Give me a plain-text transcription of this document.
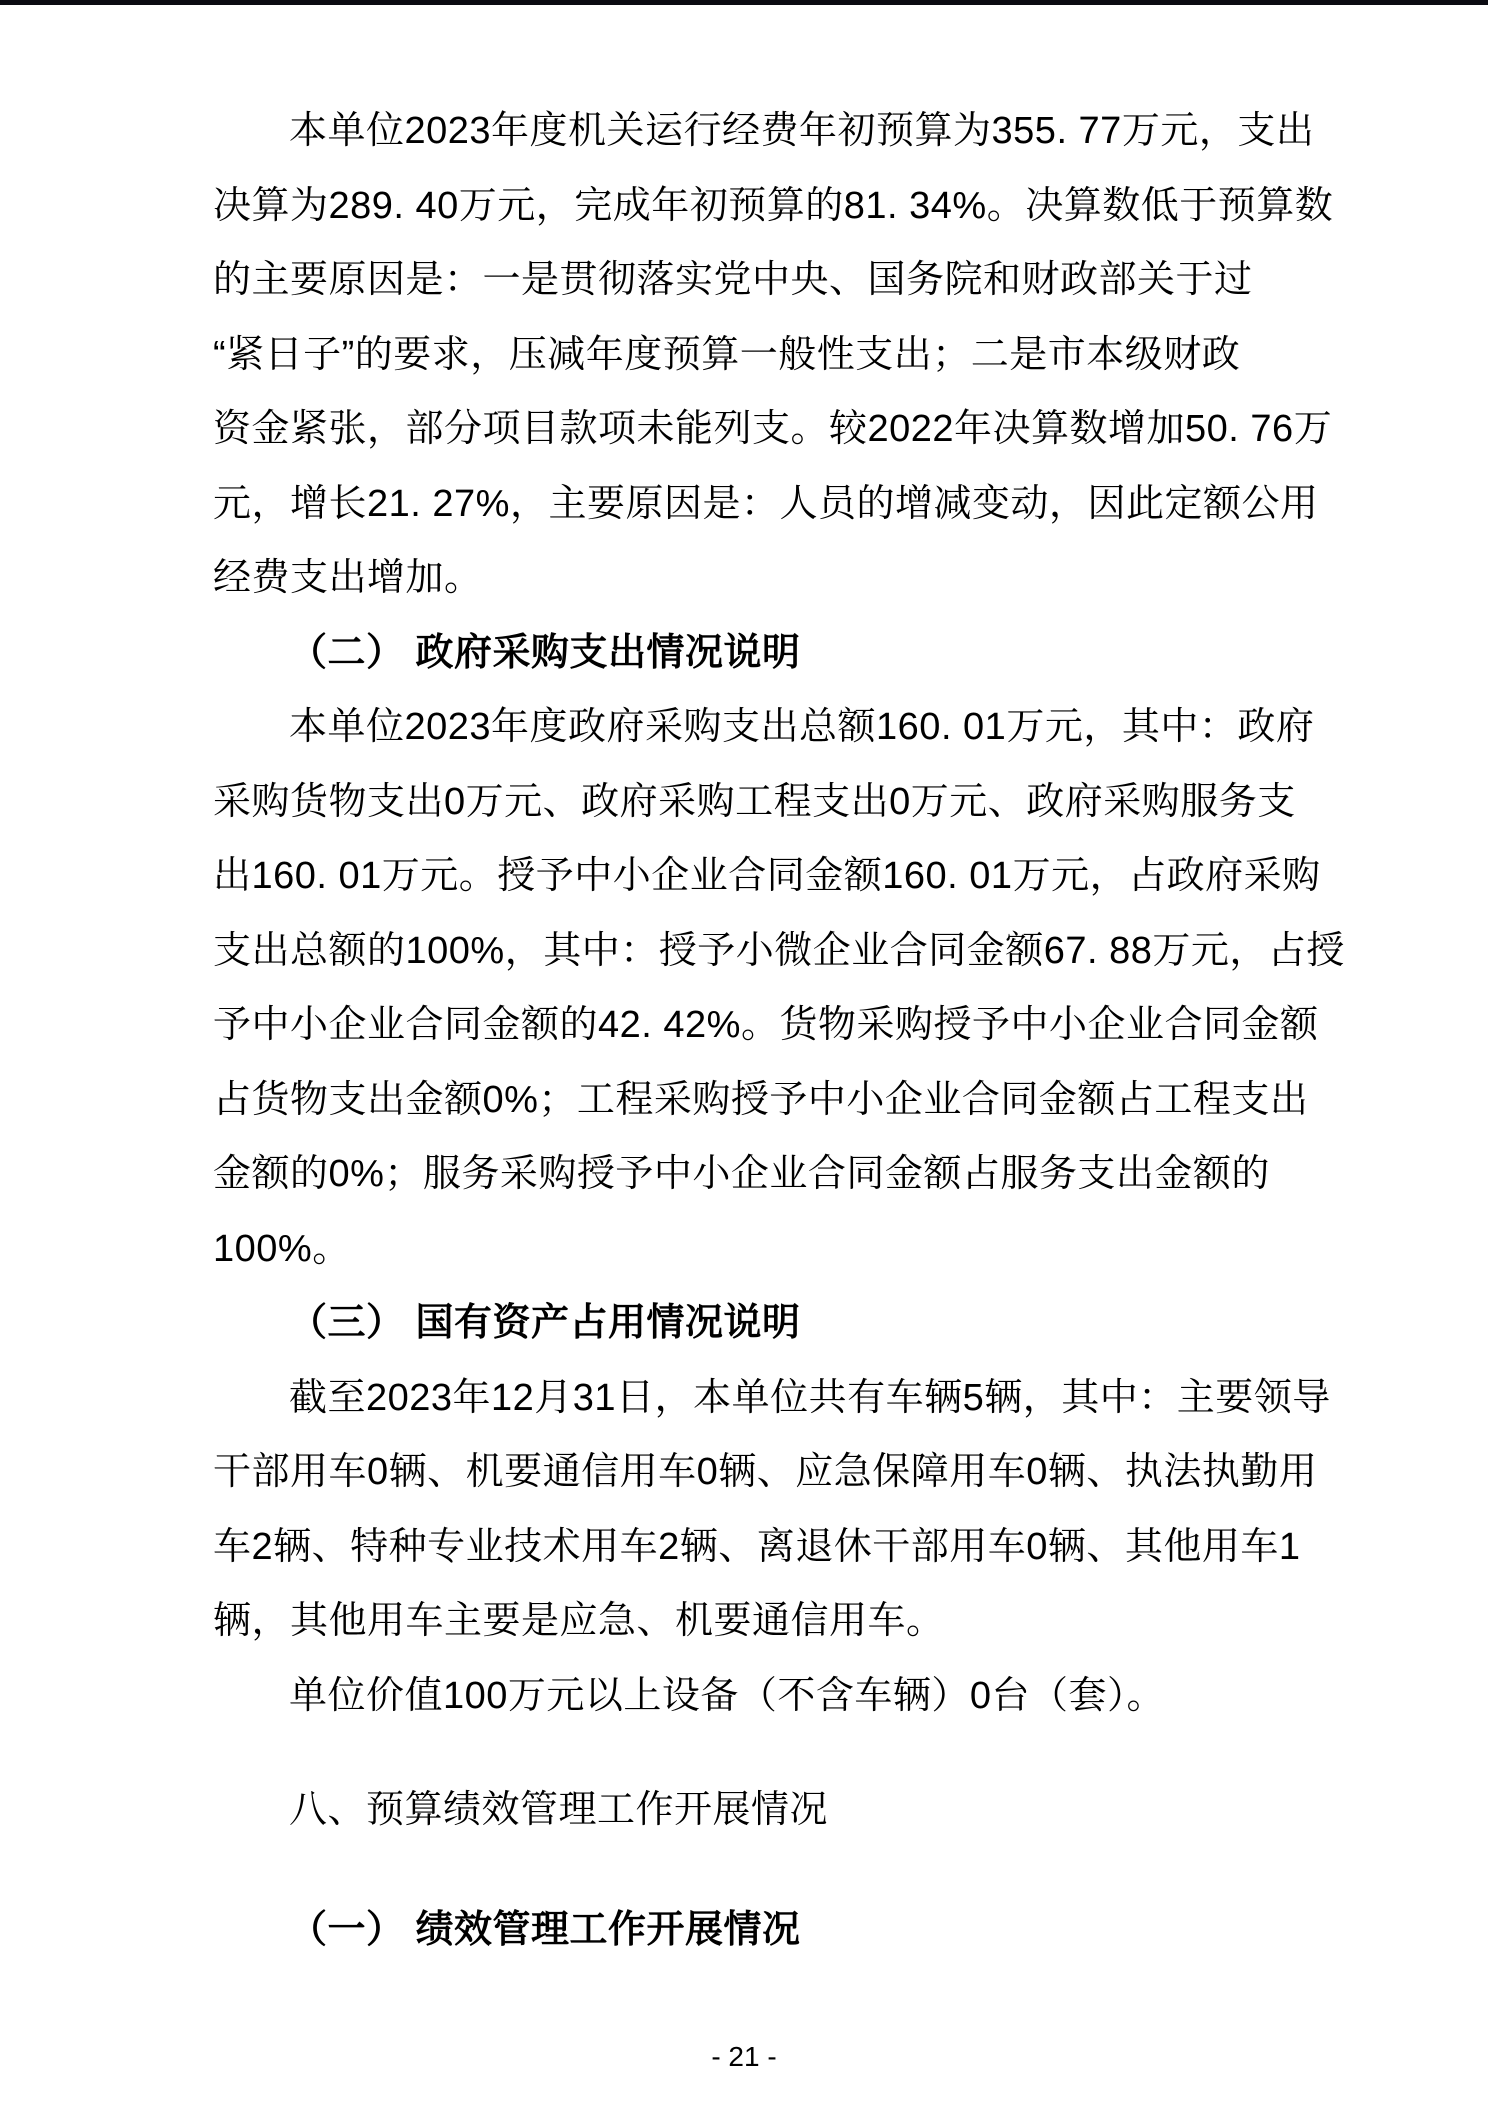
本单位2023年度机关运行经费年初预算为355. 77万元，支出
决算为289. 40万元，完成年初预算的81. 34%。决算数低于预算数
的主要原因是：一是贯彻落实党中央、国务院和财政部关于过
“紧日子”的要求，压减年度预算一般性支出；二是市本级财政
资金紧张，部分项目款项未能列支。较2022年决算数增加50. 76万
元，增长21. 27%，主要原因是：人员的增减变动，因此定额公用
经费支出增加。
（二） 政府采购支出情况说明
本单位2023年度政府采购支出总额160. 01万元，其中：政府
采购货物支出0万元、政府采购工程支出0万元、政府采购服务支
出160. 01万元。授予中小企业合同金额160. 01万元，占政府采购
支出总额的100%，其中：授予小微企业合同金额67. 88万元，占授
予中小企业合同金额的42. 42%。货物采购授予中小企业合同金额
占货物支出金额0%；工程采购授予中小企业合同金额占工程支出
金额的0%；服务采购授予中小企业合同金额占服务支出金额的
100%。
（三） 国有资产占用情况说明
截至2023年12月31日，本单位共有车辆5辆，其中：主要领导
干部用车0辆、机要通信用车0辆、应急保障用车0辆、执法执勤用
车2辆、特种专业技术用车2辆、离退休干部用车0辆、其他用车1
辆，其他用车主要是应急、机要通信用车。
单位价值100万元以上设备（不含车辆）0台（套）。
八、预算绩效管理工作开展情况
（一） 绩效管理工作开展情况
- 21 -
